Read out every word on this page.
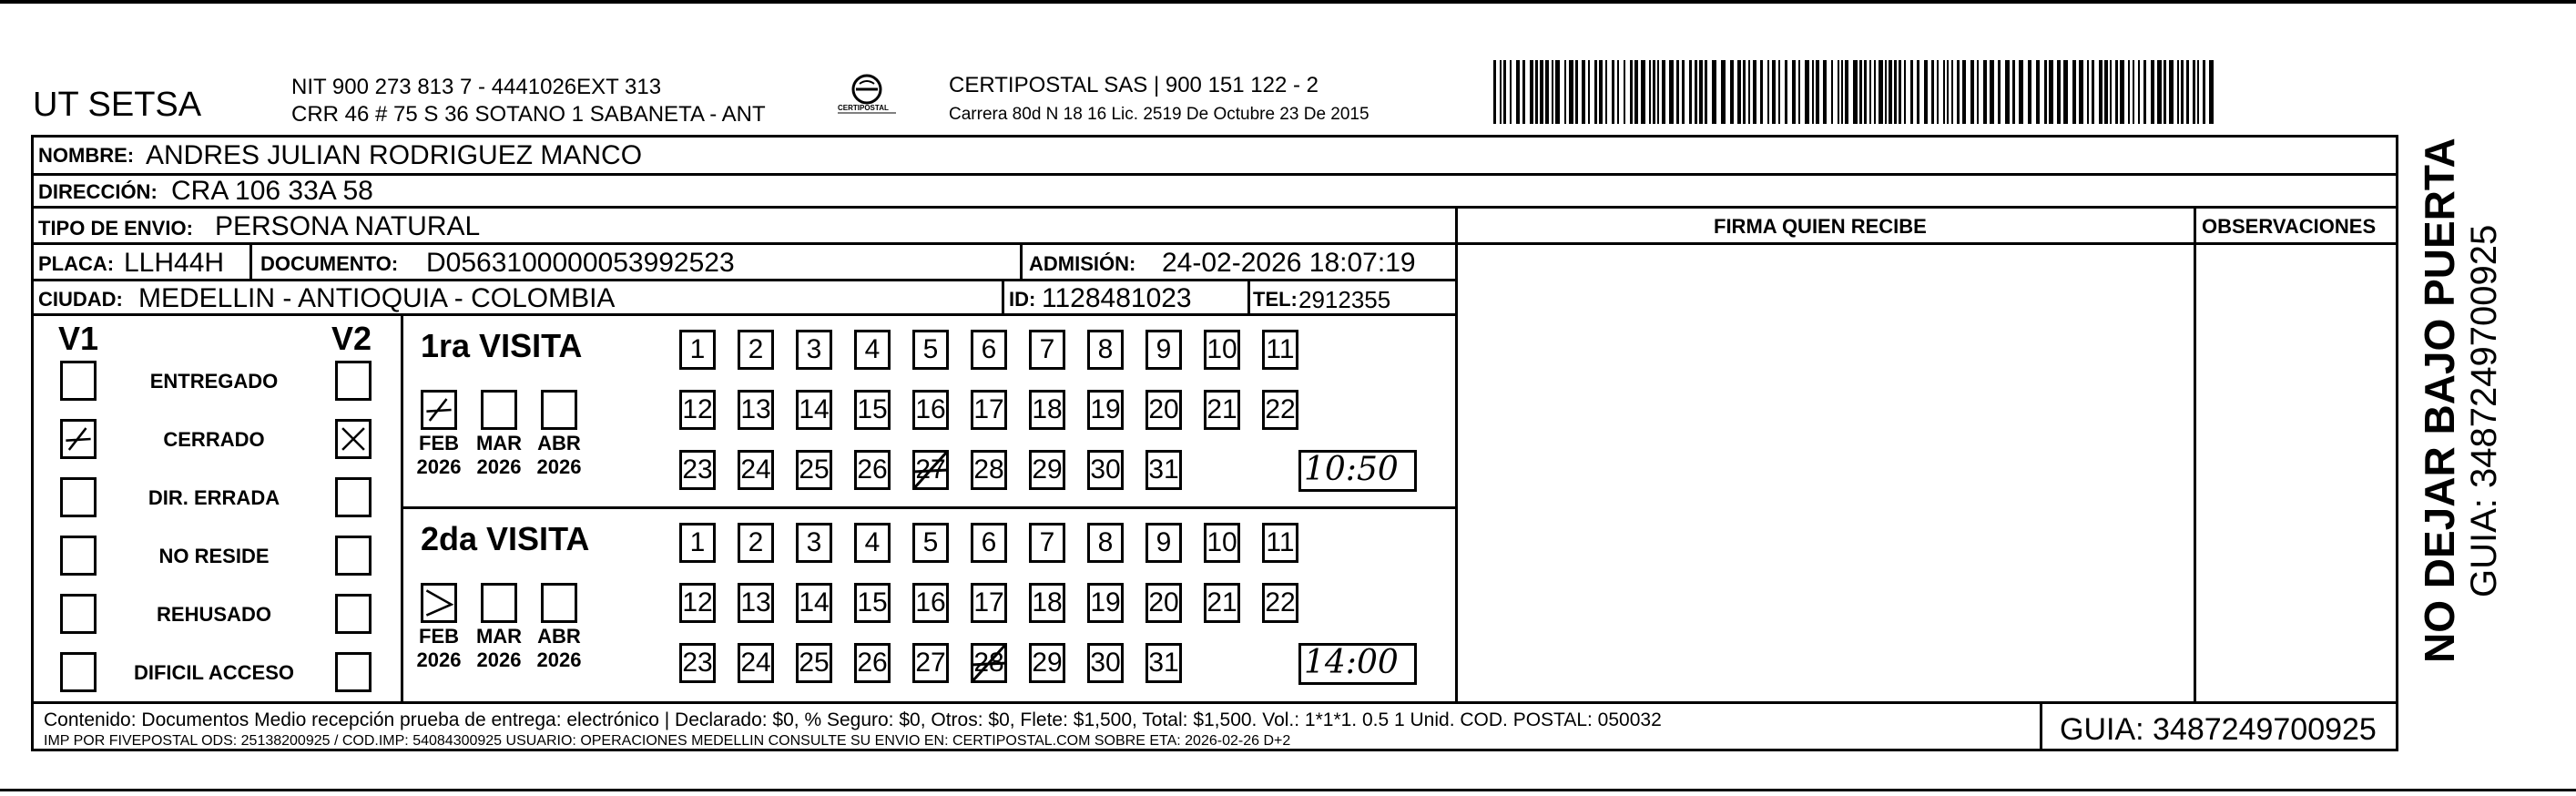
UT SETSA	NIT 900 273 813 7 - 4441026EXT 313
CRR 46 # 75 S 36 SOTANO 1 SABANETA - ANT	CERTIPOSTAL
CERTIPOSTAL SAS | 900 151 122 - 2
Carrera 80d N 18 16 Lic. 2519 De Octubre 23 De 2015
NOMBRE: ANDRES JULIAN RODRIGUEZ MANCO
DIRECCIÓN: CRA 106 33A 58
TIPO DE ENVIO: PERSONA NATURAL
PLACA: LLH44H DOCUMENTO: D0563100000053992523	ADMISIÓN: 24-02-2026 18:07:19
CIUDAD: MEDELLIN - ANTIOQUIA - COLOMBIA	ID: 1128481023	TEL: 2912355
FIRMA QUIEN RECIBE	OBSERVACIONES
V1	V2
Contenido: Documentos Medio recepción prueba de entrega: electrónico | Declarado: $0, % Seguro: $0, Otros: $0, Flete: $1,500, Total: $1,500. Vol.: 1*1*1. 0.5 1 Unid. COD. POSTAL: 050032
IMP POR FIVEPOSTAL ODS: 25138200925 / COD.IMP: 54084300925 USUARIO: OPERACIONES MEDELLIN CONSULTE SU ENVIO EN: CERTIPOSTAL.COM SOBRE ETA: 2026-02-26 D+2	GUIA: 3487249700925
NO DEJAR BAJO PUERTA GUIA: 3487249700925
ENTREGADO
CERRADO
DIR. ERRADA
NO RESIDE
REHUSADO
DIFICIL ACCESO
1ra VISITA
FEB
2026
MAR
2026
ABR
2026
1 2 3 4 5 6 7 8 9 10 11
12 13 14 15 16 17 18 19 20 21 22
23 24 25 26 27 28 29 30 31	10:50
2da VISITA
FEB
2026
MAR
2026
ABR
2026
1 2 3 4 5 6 7 8 9 10 11
12 13 14 15 16 17 18 19 20 21 22
23 24 25 26 27 28 29 30 31	14:00
